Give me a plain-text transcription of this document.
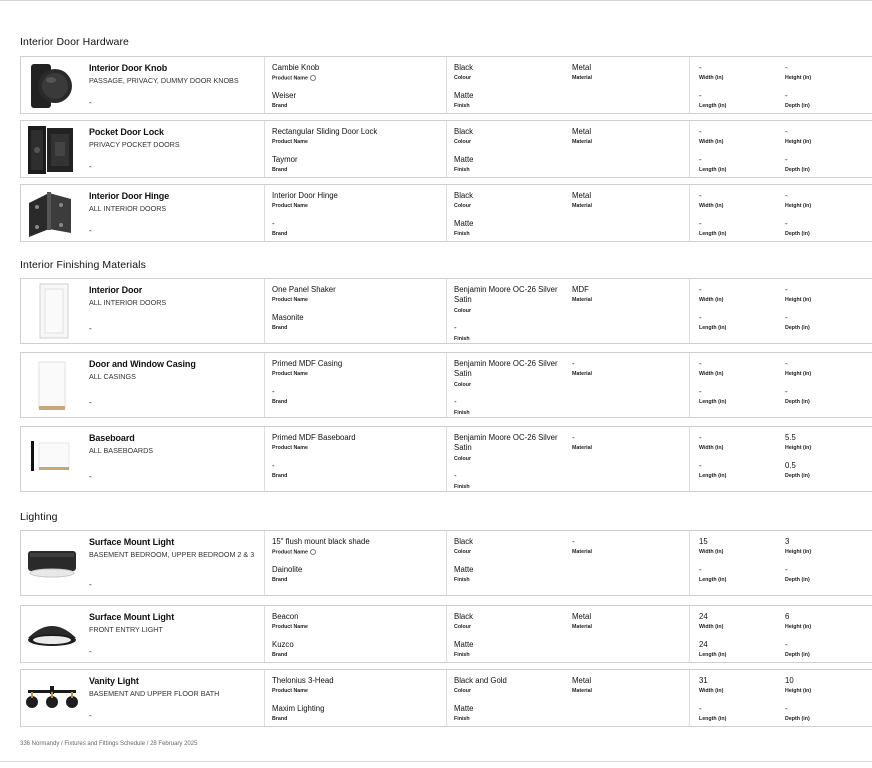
Interior Door Hardware
Interior Door Knob
PASSAGE, PRIVACY, DUMMY DOOR KNOBS
-
Cambie Knob
Product Name
Weiser
Brand
Black
Colour
Matte
Finish
Metal
Material
-
Width (in)
-
Length (in)
-
Height (in)
-
Depth (in)
Pocket Door Lock
PRIVACY POCKET DOORS
-
Rectangular Sliding Door Lock
Product Name
Taymor
Brand
Black
Colour
Matte
Finish
Metal
Material
-
Width (in)
-
Length (in)
-
Height (in)
-
Depth (in)
Interior Door Hinge
ALL INTERIOR DOORS
-
Interior Door Hinge
Product Name
-
Brand
Black
Colour
Matte
Finish
Metal
Material
-
Width (in)
-
Length (in)
-
Height (in)
-
Depth (in)
Interior Finishing Materials
Interior Door
ALL INTERIOR DOORS
-
One Panel Shaker
Product Name
Masonite
Brand
Benjamin Moore OC-26 Silver Satin
Colour
-
Finish
MDF
Material
-
Width (in)
-
Length (in)
-
Height (in)
-
Depth (in)
Door and Window Casing
ALL CASINGS
-
Primed MDF Casing
Product Name
-
Brand
Benjamin Moore OC-26 Silver Satin
Colour
-
Finish
-
Material
-
Width (in)
-
Length (in)
-
Height (in)
-
Depth (in)
Baseboard
ALL BASEBOARDS
-
Primed MDF Baseboard
Product Name
-
Brand
Benjamin Moore OC-26 Silver Satin
Colour
-
Finish
-
Material
-
Width (in)
-
Length (in)
5.5
Height (in)
0.5
Depth (in)
Lighting
Surface Mount Light
BASEMENT BEDROOM, UPPER BEDROOM 2 & 3
-
15" flush mount black shade
Product Name
Dainolite
Brand
Black
Colour
Matte
Finish
-
Material
15
Width (in)
-
Length (in)
3
Height (in)
-
Depth (in)
Surface Mount Light
FRONT ENTRY LIGHT
-
Beacon
Product Name
Kuzco
Brand
Black
Colour
Matte
Finish
Metal
Material
24
Width (in)
24
Length (in)
6
Height (in)
-
Depth (in)
Vanity Light
BASEMENT AND UPPER FLOOR BATH
-
Thelonius 3-Head
Product Name
Maxim Lighting
Brand
Black and Gold
Colour
Matte
Finish
Metal
Material
31
Width (in)
-
Length (in)
10
Height (in)
-
Depth (in)
336 Normandy / Fixtures and Fittings Schedule / 28 February 2025
